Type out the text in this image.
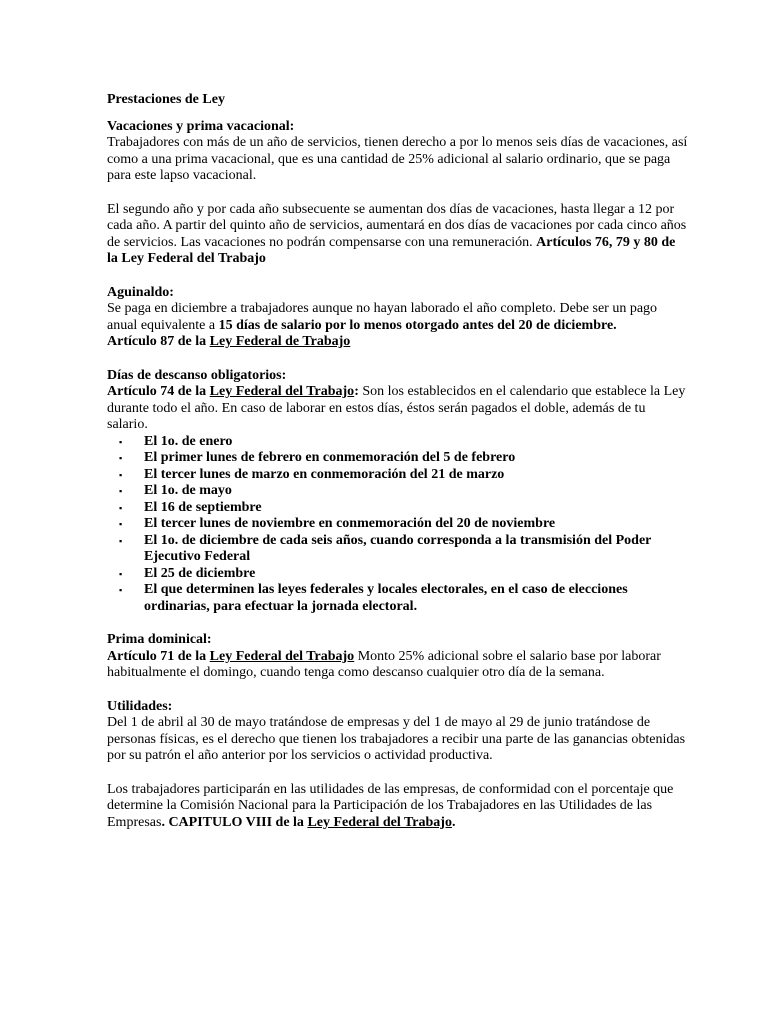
Prestaciones de Ley

Vacaciones y prima vacacional:

Trabajadores con más de un año de servicios, tienen derecho a por lo menos seis días de vacaciones, así como a una prima vacacional, que es una cantidad de 25% adicional al salario ordinario, que se paga para este lapso vacacional.

El segundo año y por cada año subsecuente se aumentan dos días de vacaciones, hasta llegar a 12 por cada año. A partir del quinto año de servicios, aumentará en dos días de vacaciones por cada cinco años de servicios. Las vacaciones no podrán compensarse con una remuneración. Artículos 76, 79 y 80 de la Ley Federal del Trabajo

Aguinaldo:

Se paga en diciembre a trabajadores aunque no hayan laborado el año completo. Debe ser un pago anual equivalente a 15 días de salario por lo menos otorgado antes del 20 de diciembre.
Artículo 87 de la Ley Federal de Trabajo

Días de descanso obligatorios:

Artículo 74 de la Ley Federal del Trabajo: Son los establecidos en el calendario que establece la Ley durante todo el año. En caso de laborar en estos días, éstos serán pagados el doble, además de tu salario.

▪ El 1o. de enero
▪ El primer lunes de febrero en conmemoración del 5 de febrero
▪ El tercer lunes de marzo en conmemoración del 21 de marzo
▪ El 1o. de mayo
▪ El 16 de septiembre
▪ El tercer lunes de noviembre en conmemoración del 20 de noviembre
▪ El 1o. de diciembre de cada seis años, cuando corresponda a la transmisión del Poder Ejecutivo Federal
▪ El 25 de diciembre
▪ El que determinen las leyes federales y locales electorales, en el caso de elecciones ordinarias, para efectuar la jornada electoral.

Prima dominical:

Artículo 71 de la Ley Federal del Trabajo Monto 25% adicional sobre el salario base por laborar habitualmente el domingo, cuando tenga como descanso cualquier otro día de la semana.

Utilidades:

Del 1 de abril al 30 de mayo tratándose de empresas y del 1 de mayo al 29 de junio tratándose de personas físicas, es el derecho que tienen los trabajadores a recibir una parte de las ganancias obtenidas por su patrón el año anterior por los servicios o actividad productiva.

Los trabajadores participarán en las utilidades de las empresas, de conformidad con el porcentaje que determine la Comisión Nacional para la Participación de los Trabajadores en las Utilidades de las Empresas. CAPITULO VIII de la Ley Federal del Trabajo.
